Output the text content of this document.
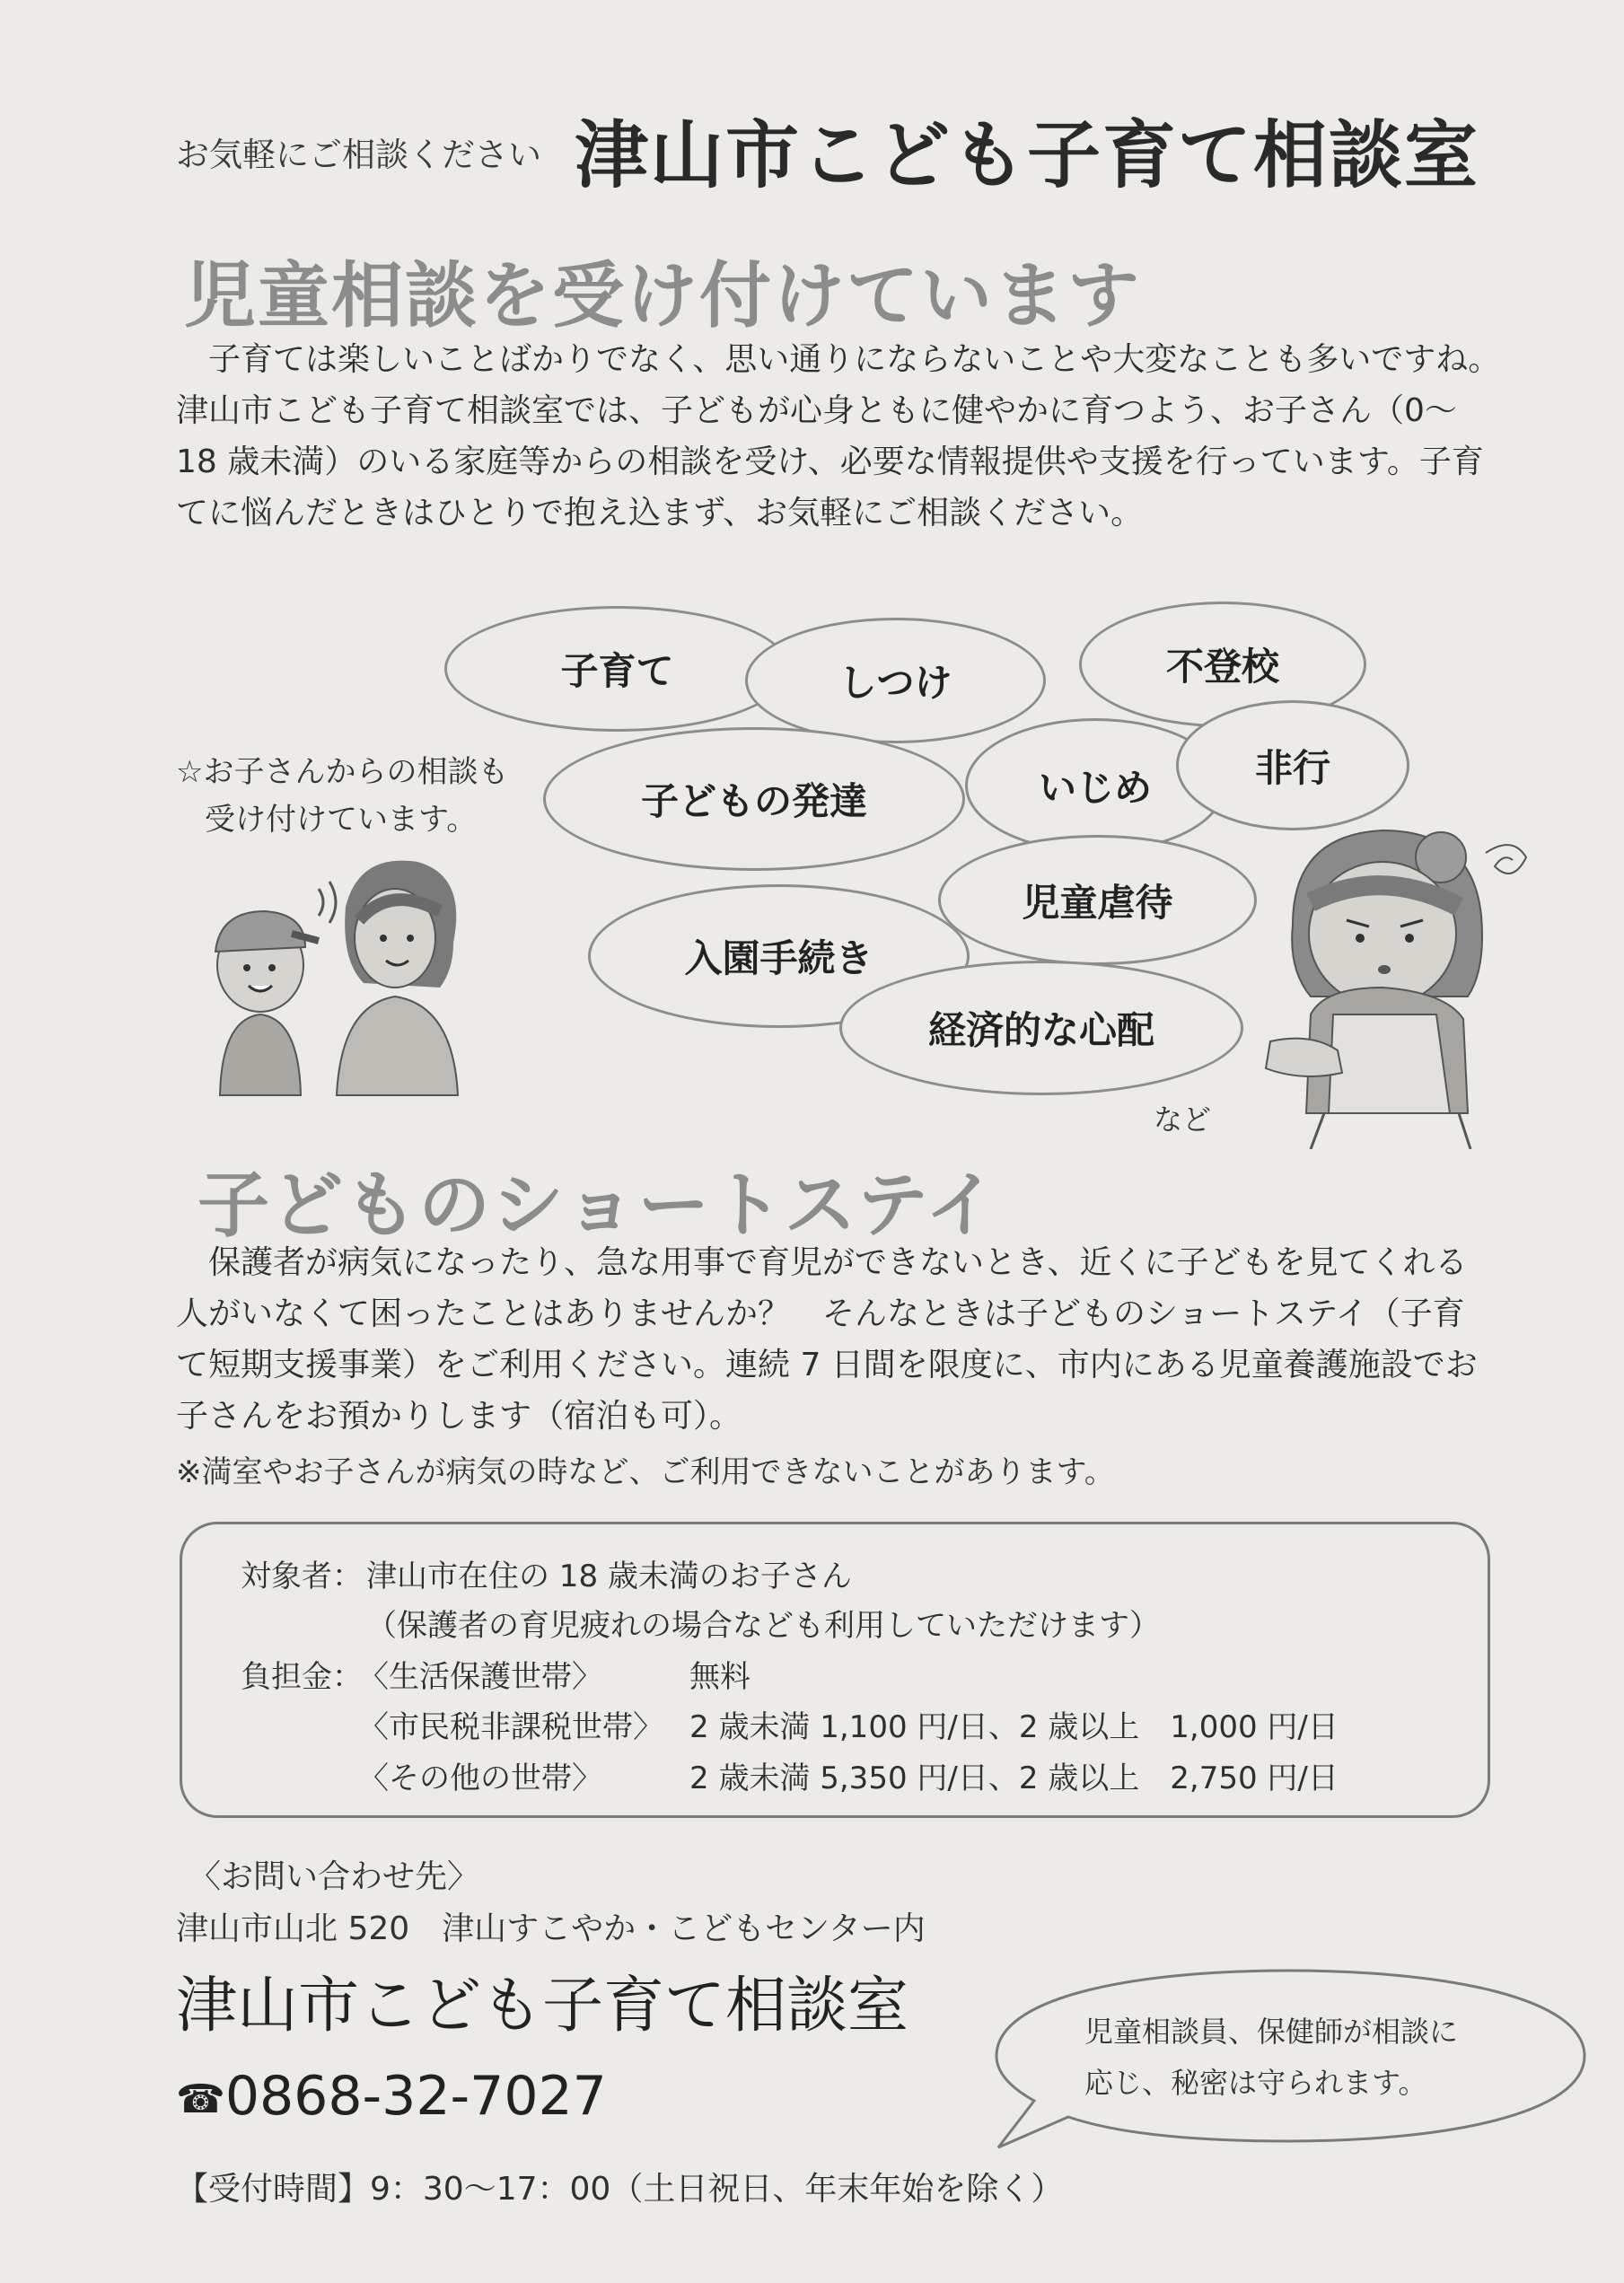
お気軽にご相談ください 津山市こども子育て相談室
児童相談を受け付けています

　子育ては楽しいことばかりでなく、思い通りにならないことや大変なことも多いですね。

津山市こども子育て相談室では、子どもが心身ともに健やかに育つよう、お子さん（0〜

18 歳未満）のいる家庭等からの相談を受け、必要な情報提供や支援を行っています。子育

てに悩んだときはひとりで抱え込まず、お気軽にご相談ください。

☆お子さんからの相談も
受け付けています。
子育て	しつけ	不登校
子どもの発達	いじめ	非行
児童虐待
入園手続き
経済的な心配
など
子どものショートステイ

　保護者が病気になったり、急な用事で育児ができないとき、近くに子どもを見てくれる

人がいなくて困ったことはありませんか？　そんなときは子どものショートステイ（子育

て短期支援事業）をご利用ください。連続 7 日間を限度に、市内にある児童養護施設でお

子さんをお預かりします（宿泊も可）。

※満室やお子さんが病気の時など、ご利用できないことがあります。
対象者： 津山市在住の 18 歳未満のお子さん
（保護者の育児疲れの場合なども利用していただけます）
負担金：
〈生活保護世帯〉	無料
〈市民税非課税世帯〉 2 歳未満 1,100 円/日、2 歳以上　1,000 円/日
〈その他の世帯〉	2 歳未満 5,350 円/日、2 歳以上　2,750 円/日
〈お問い合わせ先〉
津山市山北 520　津山すこやか・こどもセンター内
津山市こども子育て相談室
☎0868-32-7027
【受付時間】9：30〜17：00（土日祝日、年末年始を除く）
児童相談員、保健師が相談に
応じ、秘密は守られます。
